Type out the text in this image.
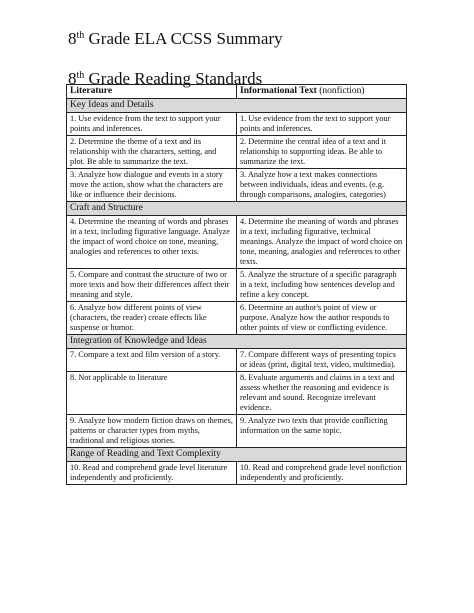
8th Grade ELA CCSS Summary
8th Grade Reading Standards
Literature	Informational Text (nonfiction)
Key Ideas and Details	
1. Use evidence from the text to support your points and inferences.	1. Use evidence from the text to support your points and inferences.
2. Determine the theme of a text and its relationship with the characters, setting, and plot. Be able to summarize the text.	2. Determine the central idea of a text and it relationship to supporting ideas. Be able to summarize the text.
3. Analyze how dialogue and events in a story move the action, show what the characters are like or influence their decisions.	3. Analyze how a text makes connections between individuals, ideas and events. (e.g. through comparisons, analogies, categories)
Craft and Structure	
4. Determine the meaning of words and phrases in a text, including figurative language. Analyze the impact of word choice on tone, meaning, analogies and references to other texts.	4. Determine the meaning of words and phrases in a text, including figurative, technical meanings. Analyze the impact of word choice on tone, meaning, analogies and references to other texts.
5. Compare and contrast the structure of two or more texts and how their differences affect their meaning and style.	5. Analyze the structure of a specific paragraph in a text, including how sentences develop and refine a key concept.
6. Analyze how different points of view (characters, the reader) create effects like suspense or humor.	6. Determine an author's point of view or purpose. Analyze how the author responds to other points of view or conflicting evidence.
Integration of Knowledge and Ideas	
7. Compare a text and film version of a story.	7. Compare different ways of presenting topics or ideas (print, digital text, video, multimedia).
8. Not applicable to literature	8. Evaluate arguments and claims in a text and assess whether the reasoning and evidence is relevant and sound. Recognize irrelevant evidence.
9. Analyze how modern fiction draws on themes, patterns or character types from myths, traditional and religious stories.	9. Analyze two texts that provide conflicting information on the same topic.
Range of Reading and Text Complexity	
10. Read and comprehend grade level literature independently and proficiently.	10. Read and comprehend grade level nonfiction independently and proficiently.
